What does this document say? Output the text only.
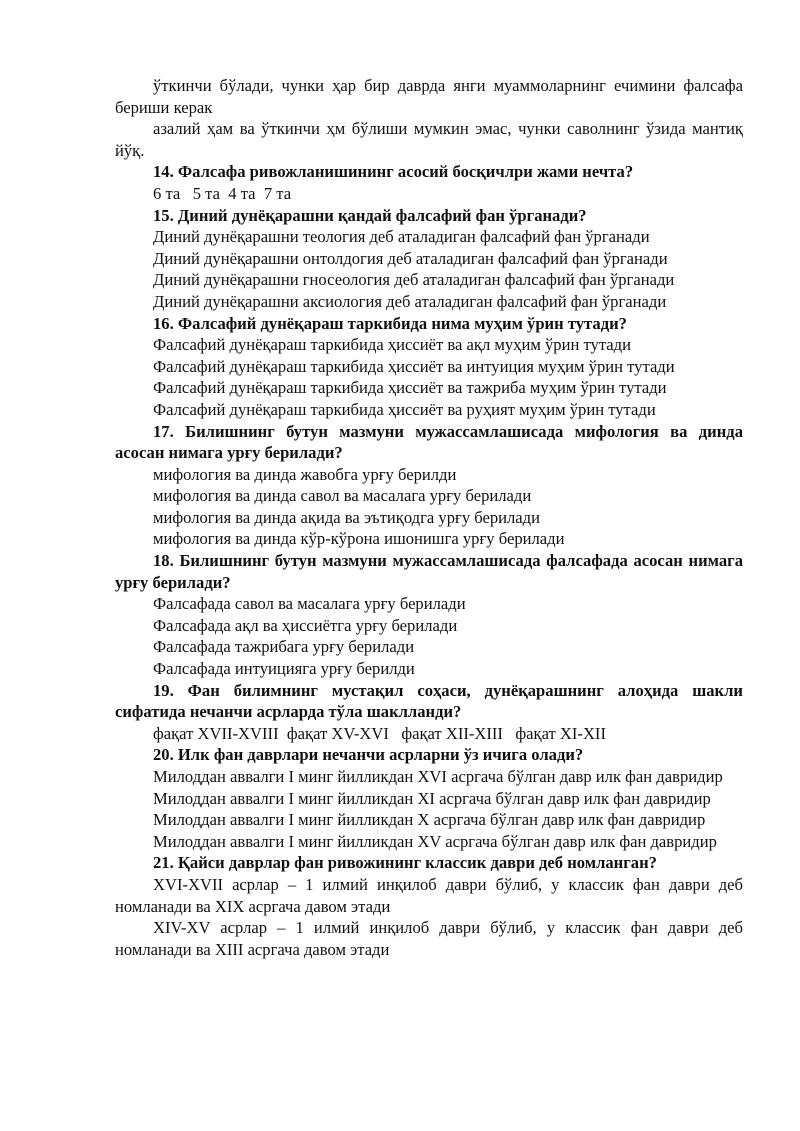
ўткинчи бўлади, чунки ҳар бир даврда янги муаммоларнинг ечимини фалсафа бериши керак
азалий ҳам ва ўткинчи ҳм бўлиши мумкин эмас, чунки саволнинг ўзида мантиқ йўқ.
14. Фалсафа ривожланишининг асосий босқичлри жами нечта?
6 та   5 та  4 та  7 та
15. Диний дунёқарашни қандай фалсафий фан ўрганади?
Диний дунёқарашни теология деб аталадиган фалсафий фан ўрганади
Диний дунёқарашни онтолдогия деб аталадиган фалсафий фан ўрганади
Диний дунёқарашни гносеология деб аталадиган фалсафий фан ўрганади
Диний дунёқарашни аксиология деб аталадиган фалсафий фан ўрганади
16. Фалсафий дунёқараш таркибида нима муҳим ўрин тутади?
Фалсафий дунёқараш таркибида ҳиссиёт ва ақл муҳим ўрин тутади
Фалсафий дунёқараш таркибида ҳиссиёт ва интуиция муҳим ўрин тутади
Фалсафий дунёқараш таркибида ҳиссиёт ва тажриба муҳим ўрин тутади
Фалсафий дунёқараш таркибида ҳиссиёт ва руҳият муҳим ўрин тутади
17. Билишнинг бутун мазмуни мужассамлашисада мифология ва динда асосан нимага урғу берилади?
мифология ва динда жавобга урғу берилди
мифология ва динда савол ва масалага урғу берилади
мифология ва динда ақида ва эътиқодга урғу берилади
мифология ва динда кўр-кўрона ишонишга урғу берилади
18. Билишнинг бутун мазмуни мужассамлашисада фалсафада асосан нимага урғу берилади?
Фалсафада савол ва масалага урғу берилади
Фалсафада ақл ва ҳиссиётга урғу берилади
Фалсафада тажрибага урғу берилади
Фалсафада интуицияга урғу берилди
19. Фан билимнинг мустақил соҳаси, дунёқарашнинг алоҳида шакли сифатида нечанчи асрларда тўла шаклланди?
фақат XVII-XVIII  фақат XV-XVI   фақат XII-XIII   фақат XI-XII
20. Илк фан даврлари нечанчи асрларни ўз ичига олади?
Милоддан аввалги I минг йилликдан XVI асргача бўлган давр илк фан давридир
Милоддан аввалги I минг йилликдан XI асргача бўлган давр илк фан давридир
Милоддан аввалги I минг йилликдан X асргача бўлган давр илк фан давридир
Милоддан аввалги I минг йилликдан XV асргача бўлган давр илк фан давридир
21. Қайси даврлар фан ривожининг классик даври деб номланган?
XVI-XVII асрлар – 1 илмий инқилоб даври бўлиб, у классик фан даври деб номланади ва XIX асргача давом этади
XIV-XV асрлар – 1 илмий инқилоб даври бўлиб, у классик фан даври деб номланади ва XIII асргача давом этади
